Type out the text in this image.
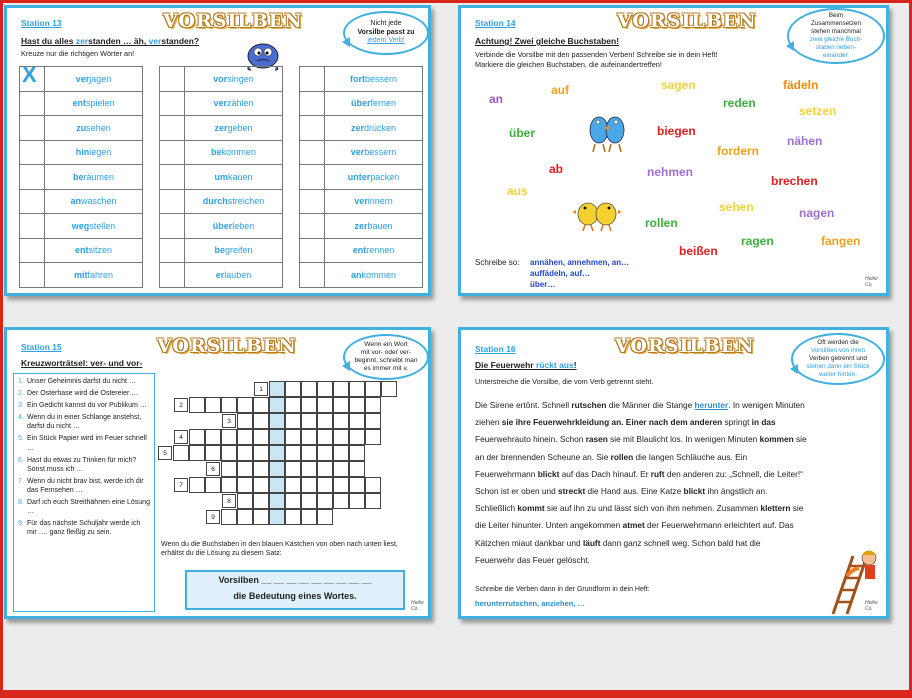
Station 13	VORSILBEN	Nicht jede
Vorsilbe passt zu
jedem Verb!
Hast du alles zerstanden … äh, verstanden?
Kreuze nur die richtigen Wörter an!
X
		verjagen
	entspielen
	zusehen
	hiniegen
	beräumen
	anwaschen
	wegstellen
	entsitzen
	mitfahren
	vorsingen
	verzählen
	zergeben
	bekommen
	umkauen
	durchstreichen
	überleben
	begreifen
	erlauben
	fortbessern
	überfernen
	zerdrücken
	verbessern
	unterpacken
	verinnern
	zerbauen
	entrennen
	ankommen
Station 14	VORSILBEN	Beim
Zusammensetzen
stehen manchmal
zwei gleiche Buch-
staben neben-
einander.
Achtung! Zwei gleiche Buchstaben!
Verbinde die Vorsilbe mit den passenden Verben! Schreibe sie in dein Heft!
Markiere die gleichen Buchstaben, die aufeinandertreffen!
an
auf	sagen	fädeln
reden
setzen
über	biegen
nähen
fordern
ab	nehmen
brechen
aus
sehen	nagen
rollen
ragen	fangen
beißen
Schreibe so: annähen, annehmen, an…
auffädeln, auf…
über…
Heike Co.
Station 15	VORSILBEN	Wenn ein Wort
mit vor- oder ver-
beginnt, schreibt man
es immer mit v.
Kreuzworträtsel: ver- und vor-
1. Unser Geheimnis darfst du nicht …
2. Der Osterhase wird die Ostereier …
3. Ein Gedicht kannst du vor Publikum …
4. Wenn du in einer Schlange anstehst, darfst du nicht …
5. Ein Stück Papier wird im Feuer schnell …
6. Hast du etwas zu Trinken für mich? Sonst muss ich …
7. Wenn du nicht brav bist, werde ich dir das Fernsehen …
8. Darf ich euch Streithähnen eine Lösung …
9. Für das nächste Schuljahr werde ich mir …. ganz fleißig zu sein.
1
2
3
4
5
6
7
8
9
Wenn du die Buchstaben in den blauen Kästchen von oben nach unten liest, erhältst du die Lösung zu diesem Satz:
Vorsilben __ __ __ __ __ __ __ __ __
die Bedeutung eines Wortes.
Heike Co.
Station 16	VORSILBEN	Oft werden die
Vorsilben von ihren
Verben getrennt und
stehen dann ein Stück
weiter hinten.
Die Feuerwehr rückt aus!
Unterstreiche die Vorsilbe, die vom Verb getrennt steht.
Die Sirene ertönt. Schnell rutschen die Männer die Stange herunter. In wenigen Minuten
ziehen sie ihre Feuerwehrkleidung an. Einer nach dem anderen springt in das
Feuerwehrauto hinein. Schon rasen sie mit Blaulicht los. In wenigen Minuten kommen sie
an der brennenden Scheune an. Sie rollen die langen Schläuche aus. Ein
Feuerwehrmann blickt auf das Dach hinauf. Er ruft den anderen zu: „Schnell, die Leiter!“
Schon ist er oben und streckt die Hand aus. Eine Katze blickt ihn ängstlich an.
Schließlich kommt sie auf ihn zu und lässt sich von ihm nehmen. Zusammen klettern sie
die Leiter hinunter. Unten angekommen atmet der Feuerwehrmann erleichtert auf. Das
Kätzchen miaut dankbar und läuft dann ganz schnell weg. Schon bald hat die
Feuerwehr das Feuer gelöscht.
Schreibe die Verben dann in der Grundform in dein Heft:
herunterrutschen, anziehen, …	Heike Co.
